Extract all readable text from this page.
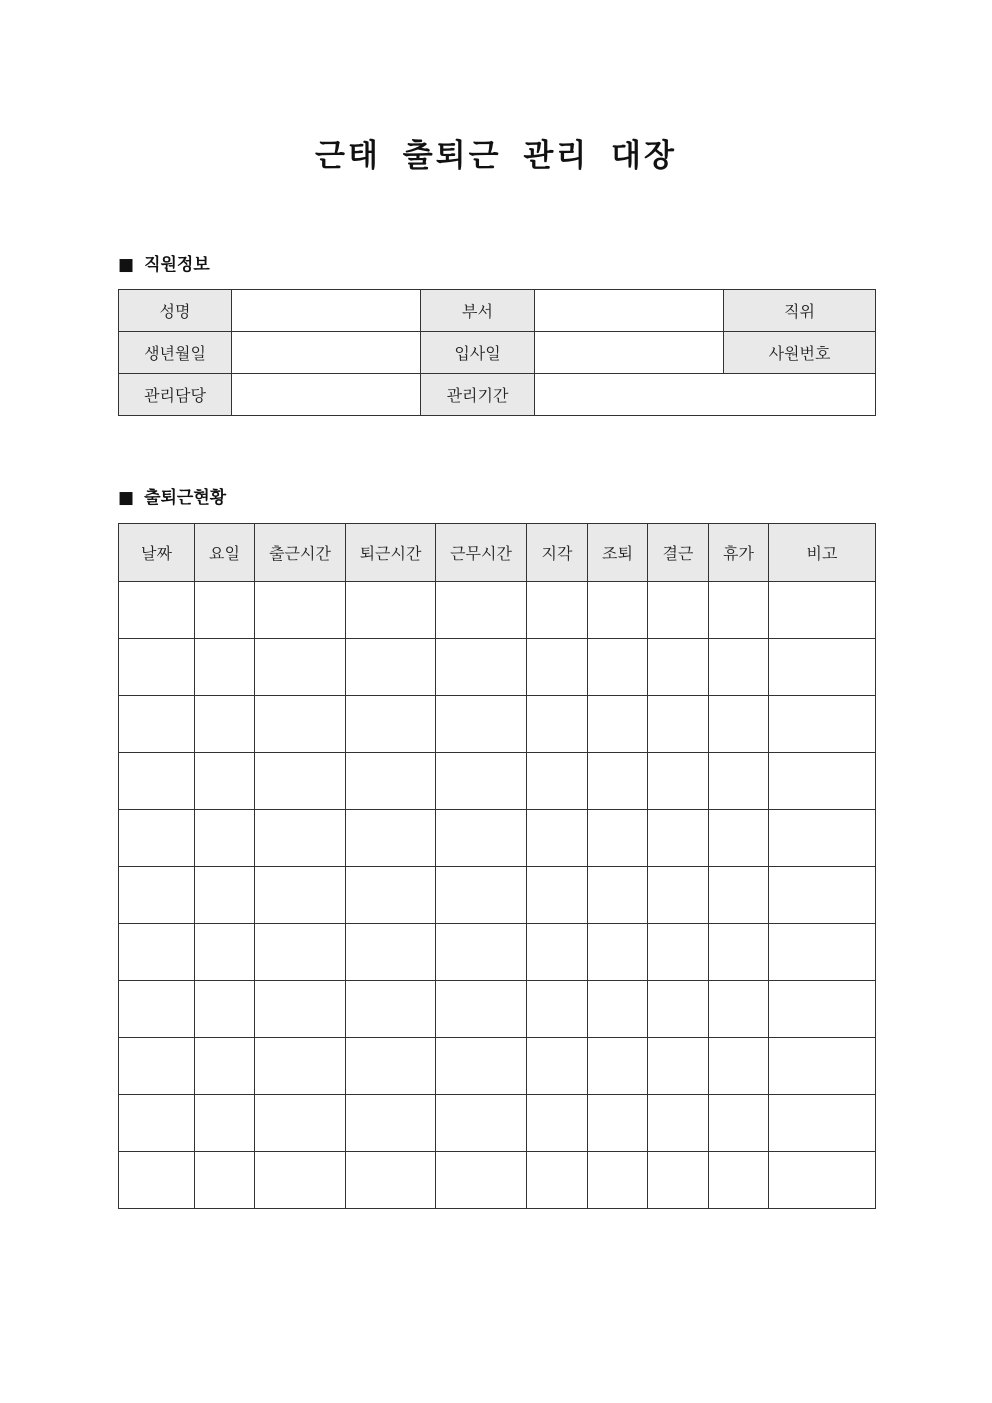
근태 출퇴근 관리 대장
■ 직원정보
성명		부서		직위
생년월일		입사일		사원번호
관리담당		관리기간		
■ 출퇴근현황
날짜	요일	출근시간	퇴근시간	근무시간	지각	조퇴	결근	휴가	비고
